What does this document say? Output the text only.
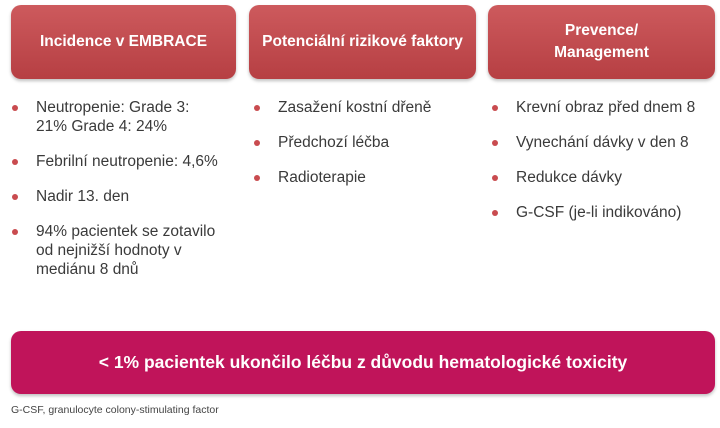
Incidence v EMBRACE	Potenciální rizikové faktory
Prevence/
Management
Neutropenie: Grade 3:
21% Grade 4: 24%
Febrilní neutropenie: 4,6%
Nadir 13. den
94% pacientek se zotavilo
od nejnižší hodnoty v
mediánu 8 dnů
Zasažení kostní dřeně
Předchozí léčba
Radioterapie
Krevní obraz před dnem 8
Vynechání dávky v den 8
Redukce dávky
G-CSF (je-li indikováno)
< 1% pacientek ukončilo léčbu z důvodu hematologické toxicity
G-CSF, granulocyte colony-stimulating factor
